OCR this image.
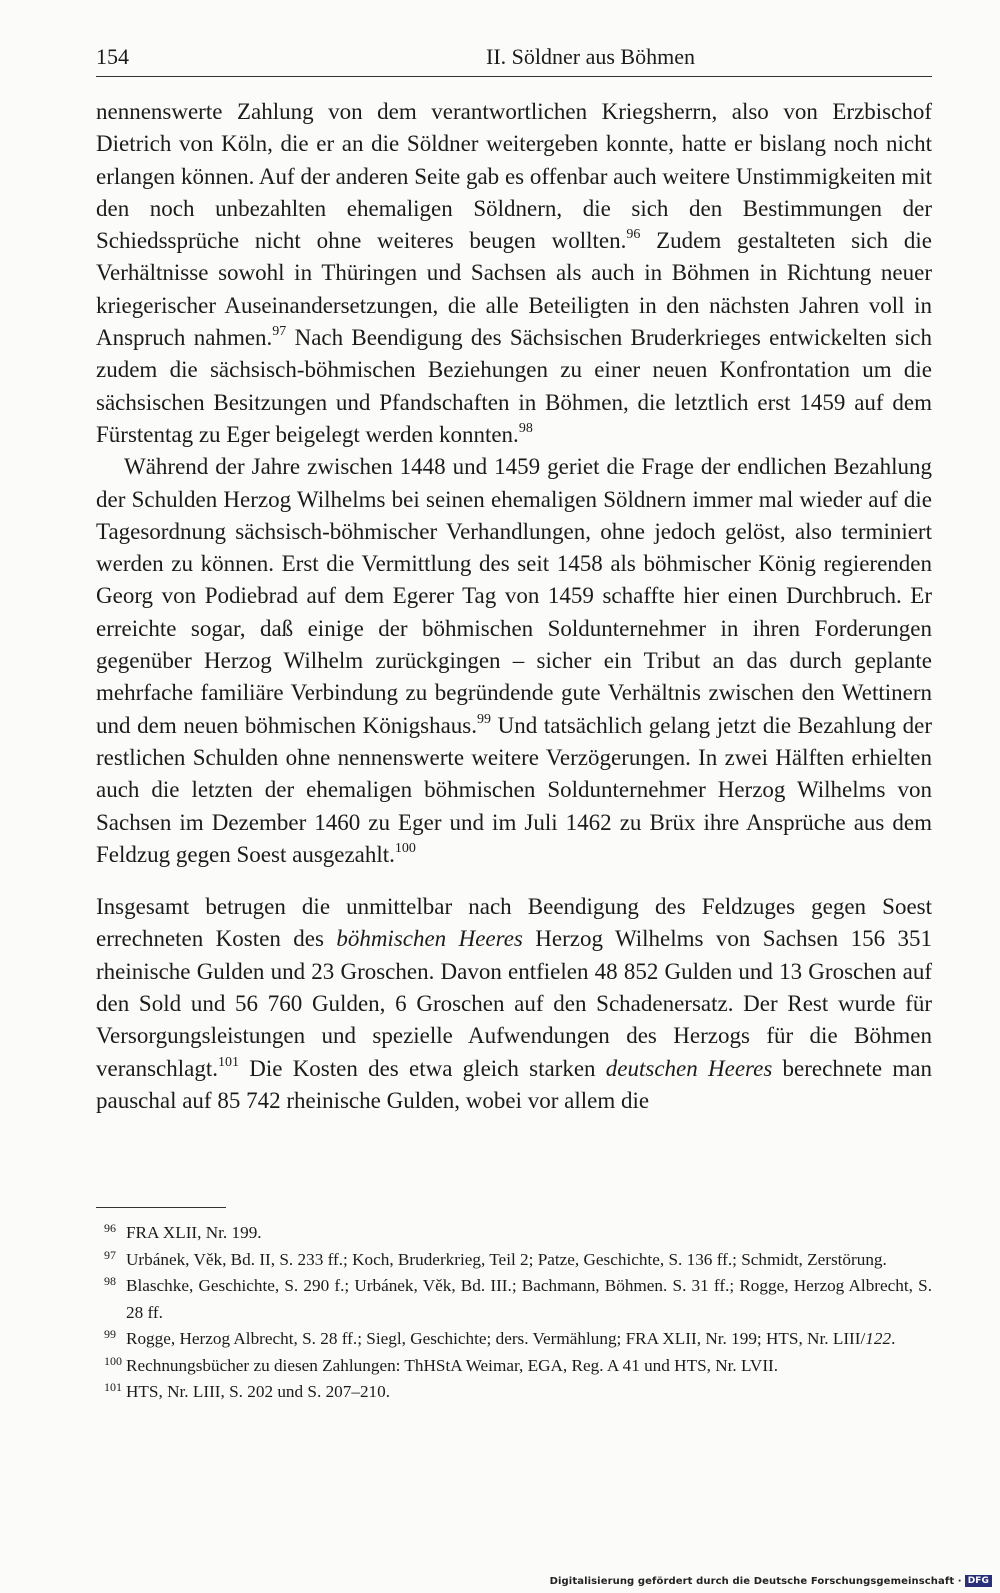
154	II. Söldner aus Böhmen

nennenswerte Zahlung von dem verantwortlichen Kriegsherrn, also von Erzbischof Dietrich von Köln, die er an die Söldner weitergeben konnte, hatte er bislang noch nicht erlangen können. Auf der anderen Seite gab es offenbar auch weitere Unstimmigkeiten mit den noch unbezahlten ehemaligen Söldnern, die sich den Bestimmungen der Schiedssprüche nicht ohne weiteres beugen wollten.$^{96}$ Zudem gestalteten sich die Verhältnisse sowohl in Thüringen und Sachsen als auch in Böhmen in Richtung neuer kriegerischer Auseinandersetzungen, die alle Beteiligten in den nächsten Jahren voll in Anspruch nahmen.$^{97}$ Nach Beendigung des Sächsischen Bruderkrieges entwickelten sich zudem die sächsisch-böhmischen Beziehungen zu einer neuen Konfrontation um die sächsischen Besitzungen und Pfandschaften in Böhmen, die letztlich erst 1459 auf dem Fürstentag zu Eger beigelegt werden konnten.$^{98}$

Während der Jahre zwischen 1448 und 1459 geriet die Frage der endlichen Bezahlung der Schulden Herzog Wilhelms bei seinen ehemaligen Söldnern immer mal wieder auf die Tagesordnung sächsisch-böhmischer Verhandlungen, ohne jedoch gelöst, also terminiert werden zu können. Erst die Vermittlung des seit 1458 als böhmischer König regierenden Georg von Podiebrad auf dem Egerer Tag von 1459 schaffte hier einen Durchbruch. Er erreichte sogar, daß einige der böhmischen Soldunternehmer in ihren Forderungen gegenüber Herzog Wilhelm zurückgingen – sicher ein Tribut an das durch geplante mehrfache familiäre Verbindung zu begründende gute Verhältnis zwischen den Wettinern und dem neuen böhmischen Königshaus.$^{99}$ Und tatsächlich gelang jetzt die Bezahlung der restlichen Schulden ohne nennenswerte weitere Verzögerungen. In zwei Hälften erhielten auch die letzten der ehemaligen böhmischen Soldunternehmer Herzog Wilhelms von Sachsen im Dezember 1460 zu Eger und im Juli 1462 zu Brüx ihre Ansprüche aus dem Feldzug gegen Soest ausgezahlt.$^{100}$

Insgesamt betrugen die unmittelbar nach Beendigung des Feldzuges gegen Soest errechneten Kosten des böhmischen Heeres Herzog Wilhelms von Sachsen 156 351 rheinische Gulden und 23 Groschen. Davon entfielen 48 852 Gulden und 13 Groschen auf den Sold und 56 760 Gulden, 6 Groschen auf den Schadenersatz. Der Rest wurde für Versorgungsleistungen und spezielle Aufwendungen des Herzogs für die Böhmen veranschlagt.$^{101}$ Die Kosten des etwa gleich starken deutschen Heeres berechnete man pauschal auf 85 742 rheinische Gulden, wobei vor allem die

96 FRA XLII, Nr. 199.
97 Urbánek, Věk, Bd. II, S. 233 ff.; Koch, Bruderkrieg, Teil 2; Patze, Geschichte, S. 136 ff.; Schmidt, Zerstörung.
98 Blaschke, Geschichte, S. 290 f.; Urbánek, Věk, Bd. III.; Bachmann, Böhmen. S. 31 ff.; Rogge, Herzog Albrecht, S. 28 ff.
99 Rogge, Herzog Albrecht, S. 28 ff.; Siegl, Geschichte; ders. Vermählung; FRA XLII, Nr. 199; HTS, Nr. LIII/122.
100 Rechnungsbücher zu diesen Zahlungen: ThHStA Weimar, EGA, Reg. A 41 und HTS, Nr. LVII.
101 HTS, Nr. LIII, S. 202 und S. 207–210.
Digitalisierung gefördert durch die Deutsche Forschungsgemeinschaft · DFG
